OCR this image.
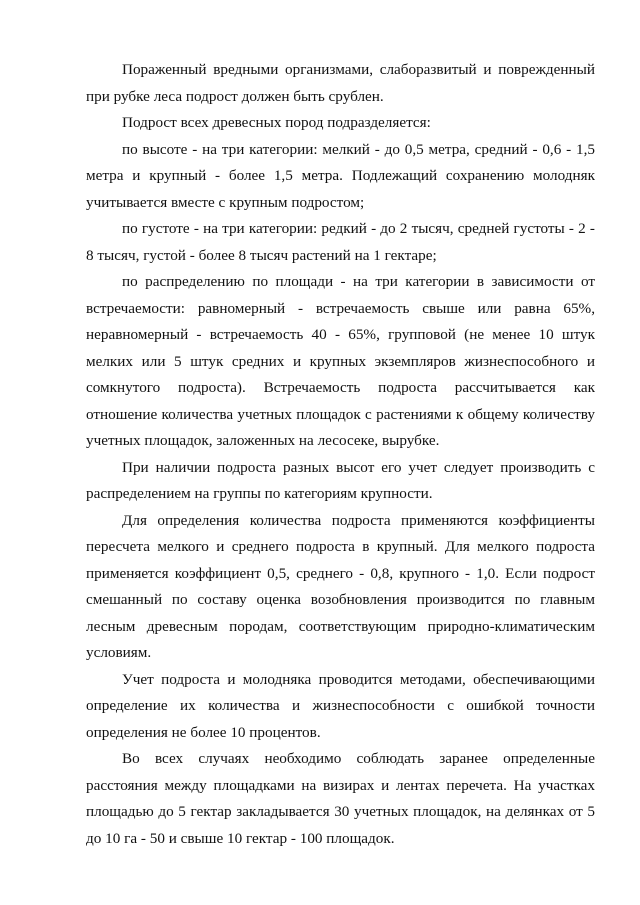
Пораженный вредными организмами, слаборазвитый и поврежденный при рубке леса подрост должен быть срублен.

Подрост всех древесных пород подразделяется:

по высоте - на три категории: мелкий - до 0,5 метра, средний - 0,6 - 1,5 метра и крупный - более 1,5 метра. Подлежащий сохранению молодняк учитывается вместе с крупным подростом;

по густоте - на три категории: редкий - до 2 тысяч, средней густоты - 2 - 8 тысяч, густой - более 8 тысяч растений на 1 гектаре;

по распределению по площади - на три категории в зависимости от встречаемости: равномерный - встречаемость свыше или равна 65%, неравномерный - встречаемость 40 - 65%, групповой (не менее 10 штук мелких или 5 штук средних и крупных экземпляров жизнеспособного и сомкнутого подроста). Встречаемость подроста рассчитывается как отношение количества учетных площадок с растениями к общему количеству учетных площадок, заложенных на лесосеке, вырубке.

При наличии подроста разных высот его учет следует производить с распределением на группы по категориям крупности.

Для определения количества подроста применяются коэффициенты пересчета мелкого и среднего подроста в крупный. Для мелкого подроста применяется коэффициент 0,5, среднего - 0,8, крупного - 1,0. Если подрост смешанный по составу оценка возобновления производится по главным лесным древесным породам, соответствующим природно-климатическим условиям.

Учет подроста и молодняка проводится методами, обеспечивающими определение их количества и жизнеспособности с ошибкой точности определения не более 10 процентов.

Во всех случаях необходимо соблюдать заранее определенные расстояния между площадками на визирах и лентах перечета. На участках площадью до 5 гектар закладывается 30 учетных площадок, на делянках от 5 до 10 га - 50 и свыше 10 гектар - 100 площадок.
